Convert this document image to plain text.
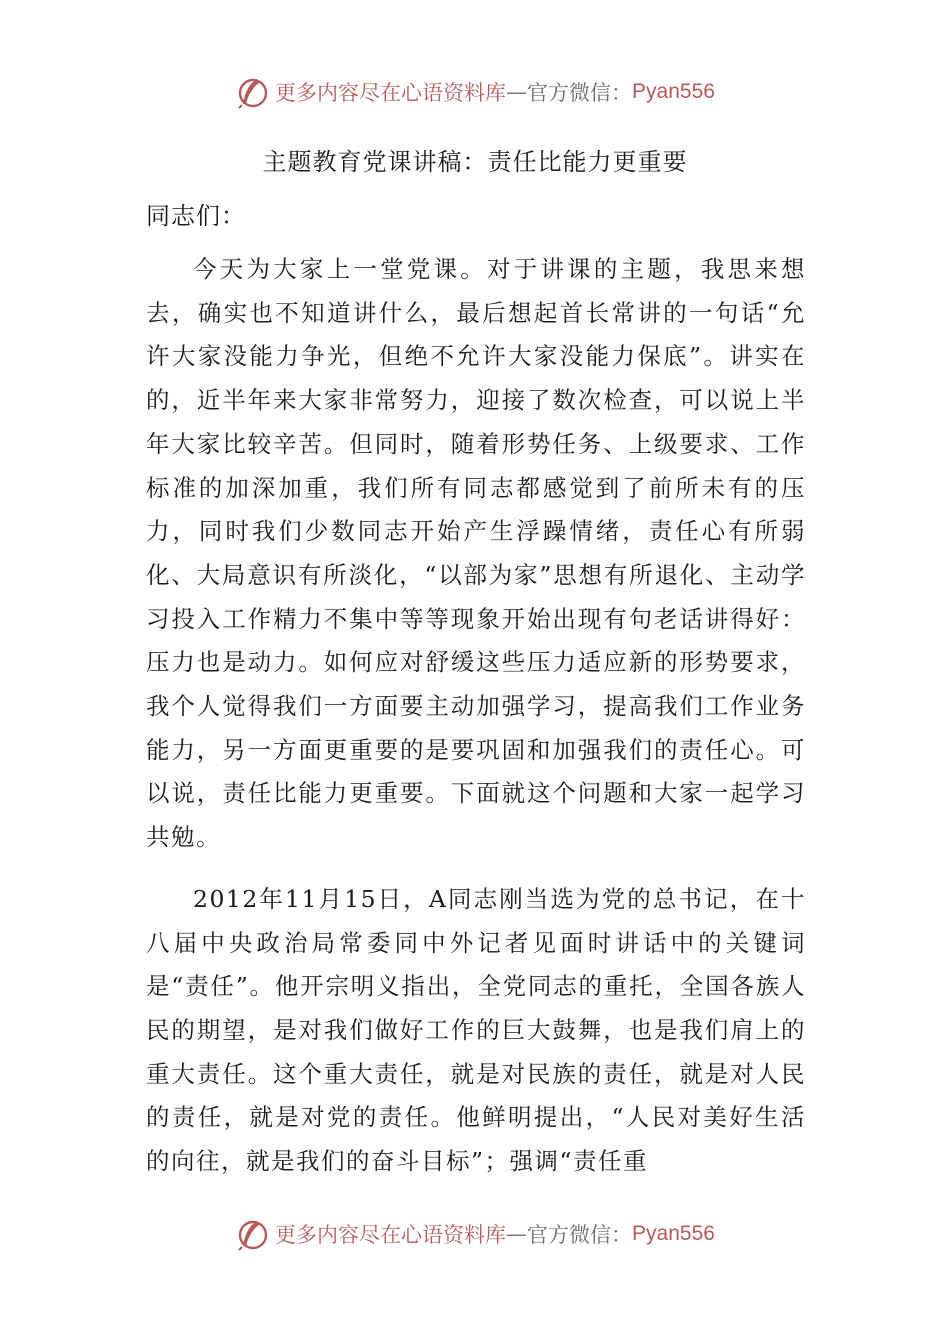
更多内容尽在心语资料库 — 官方微信： Pyan556
主题教育党课讲稿：责任比能力更重要
同志们：

今天为大家上一堂党课。对于讲课的主题，我思来想去，确实也不知道讲什么，最后想起首长常讲的一句话“允许大家没能力争光，但绝不允许大家没能力保底”。讲实在的，近半年来大家非常努力，迎接了数次检查，可以说上半年大家比较辛苦。但同时，随着形势任务、上级要求、工作标准的加深加重，我们所有同志都感觉到了前所未有的压力，同时我们少数同志开始产生浮躁情绪，责任心有所弱化、大局意识有所淡化，“以部为家”思想有所退化、主动学习投入工作精力不集中等等现象开始出现有句老话讲得好：压力也是动力。如何应对舒缓这些压力适应新的形势要求，我个人觉得我们一方面要主动加强学习，提高我们工作业务能力，另一方面更重要的是要巩固和加强我们的责任心。可以说，责任比能力更重要。下面就这个问题和大家一起学习共勉。

2012年11月15日，A同志刚当选为党的总书记，在十八届中央政治局常委同中外记者见面时讲话中的关键词是“责任”。他开宗明义指出，全党同志的重托，全国各族人民的期望，是对我们做好工作的巨大鼓舞，也是我们肩上的重大责任。这个重大责任，就是对民族的责任，就是对人民的责任，就是对党的责任。他鲜明提出，“人民对美好生活的向往，就是我们的奋斗目标”；强调“责任重

更多内容尽在心语资料库 — 官方微信： Pyan556
